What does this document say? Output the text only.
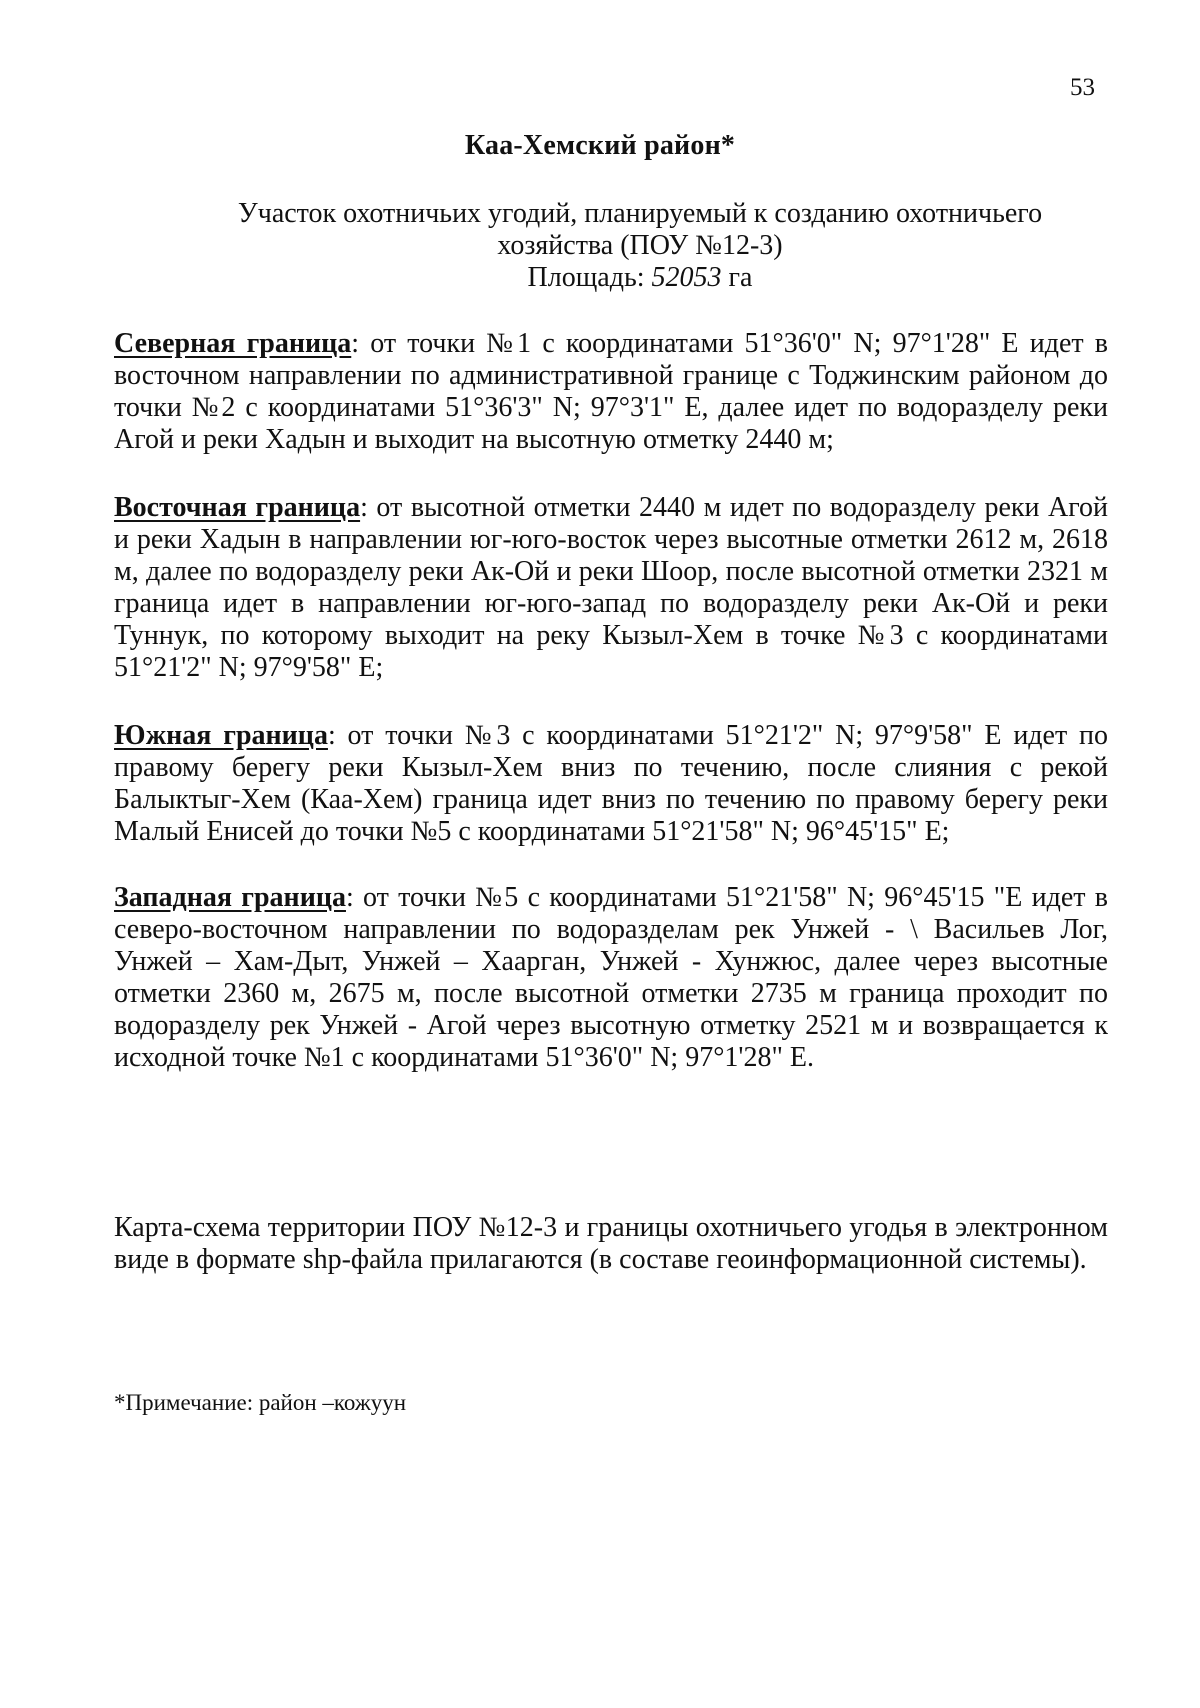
53
Каа-Хемский район*
Участок охотничьих угодий, планируемый к созданию охотничьего хозяйства (ПОУ №12-3)
Площадь: 52053 га
Северная граница: от точки №1 с координатами 51°36'0" N; 97°1'28" E идет в восточном направлении по административной границе с Тоджинским районом до точки №2 с координатами 51°36'3" N; 97°3'1" E, далее идет по водоразделу реки Агой и реки Хадын и выходит на высотную отметку 2440 м;
Восточная граница: от высотной отметки 2440 м идет по водоразделу реки Агой и реки Хадын в направлении юг-юго-восток через высотные отметки 2612 м, 2618 м, далее по водоразделу реки Ак-Ой и реки Шоор, после высотной отметки 2321 м граница идет в направлении юг-юго-запад по водоразделу реки Ак-Ой и реки Туннук, по которому выходит на реку Кызыл-Хем в точке №3 с координатами 51°21'2" N; 97°9'58" E;
Южная граница: от точки №3 с координатами 51°21'2" N; 97°9'58" E идет по правому берегу реки Кызыл-Хем вниз по течению, после слияния с рекой Балыктыг-Хем (Каа-Хем) граница идет вниз по течению по правому берегу реки Малый Енисей до точки №5 с координатами 51°21'58" N; 96°45'15" E;
Западная граница: от точки №5 с координатами 51°21'58" N; 96°45'15 "E идет в северо-восточном направлении по водоразделам рек Унжей - \ Васильев Лог, Унжей – Хам-Дыт, Унжей – Хаарган, Унжей - Хунжюс, далее через высотные отметки 2360 м, 2675 м, после высотной отметки 2735 м граница проходит по водоразделу рек Унжей - Агой через высотную отметку 2521 м и возвращается к исходной точке №1 с координатами 51°36'0" N; 97°1'28" E.
Карта-схема территории ПОУ №12-3 и границы охотничьего угодья в электронном виде в формате shp-файла прилагаются (в составе геоинформационной системы).
*Примечание: район –кожуун
